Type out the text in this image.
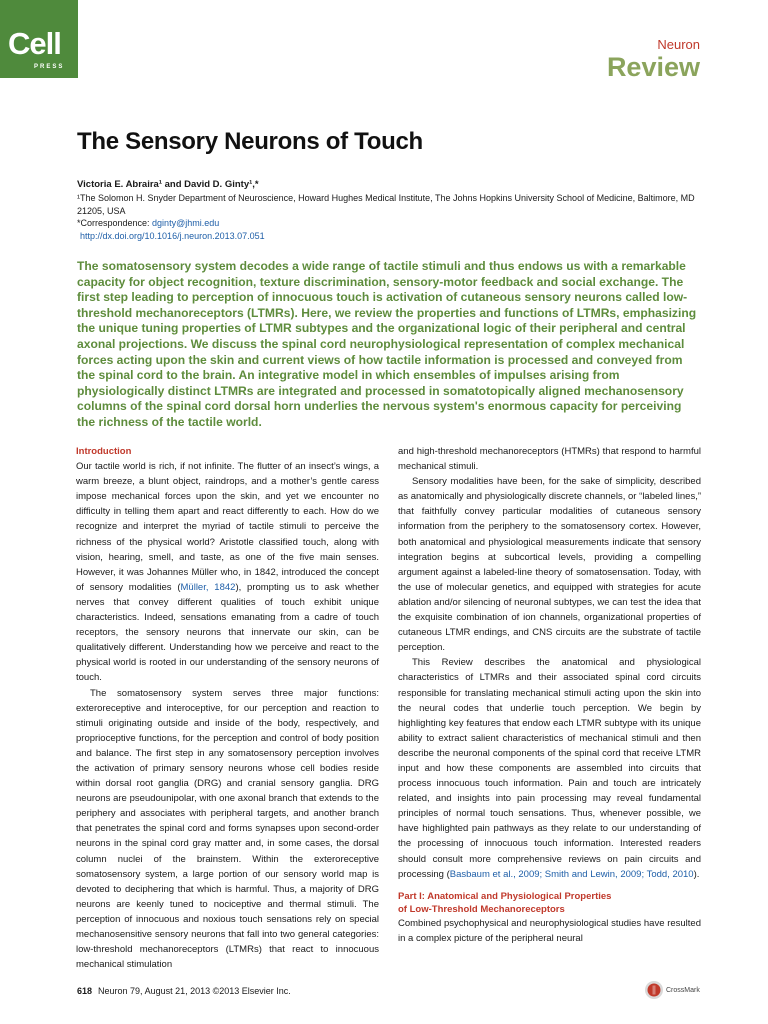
Cell
PRESS
Neuron
Review
The Sensory Neurons of Touch
Victoria E. Abraira¹ and David D. Ginty¹,*
¹The Solomon H. Snyder Department of Neuroscience, Howard Hughes Medical Institute, The Johns Hopkins University School of Medicine, Baltimore, MD 21205, USA
*Correspondence: dginty@jhmi.edu
http://dx.doi.org/10.1016/j.neuron.2013.07.051

The somatosensory system decodes a wide range of tactile stimuli and thus endows us with a remarkable capacity for object recognition, texture discrimination, sensory-motor feedback and social exchange. The first step leading to perception of innocuous touch is activation of cutaneous sensory neurons called low-threshold mechanoreceptors (LTMRs). Here, we review the properties and functions of LTMRs, emphasizing the unique tuning properties of LTMR subtypes and the organizational logic of their peripheral and central axonal projections. We discuss the spinal cord neurophysiological representation of complex mechanical forces acting upon the skin and current views of how tactile information is processed and conveyed from the spinal cord to the brain. An integrative model in which ensembles of impulses arising from physiologically distinct LTMRs are integrated and processed in somatotopically aligned mechanosensory columns of the spinal cord dorsal horn underlies the nervous system's enormous capacity for perceiving the richness of the tactile world.

Introduction

Our tactile world is rich, if not infinite. The flutter of an insect’s wings, a warm breeze, a blunt object, raindrops, and a mother’s gentle caress impose mechanical forces upon the skin, and yet we encounter no difficulty in telling them apart and react differently to each. How do we recognize and interpret the myriad of tactile stimuli to perceive the richness of the physical world? Aristotle classified touch, along with vision, hearing, smell, and taste, as one of the five main senses. However, it was Johannes Müller who, in 1842, introduced the concept of sensory modalities (Müller, 1842), prompting us to ask whether nerves that convey different qualities of touch exhibit unique characteristics. Indeed, sensations emanating from a cadre of touch receptors, the sensory neurons that innervate our skin, can be qualitatively different. Understanding how we perceive and react to the physical world is rooted in our understanding of the sensory neurons of touch.

The somatosensory system serves three major functions: exteroreceptive and interoceptive, for our perception and reaction to stimuli originating outside and inside of the body, respectively, and proprioceptive functions, for the perception and control of body position and balance. The first step in any somatosensory perception involves the activation of primary sensory neurons whose cell bodies reside within dorsal root ganglia (DRG) and cranial sensory ganglia. DRG neurons are pseudounipolar, with one axonal branch that extends to the periphery and associates with peripheral targets, and another branch that penetrates the spinal cord and forms synapses upon second-order neurons in the spinal cord gray matter and, in some cases, the dorsal column nuclei of the brainstem. Within the exteroreceptive somatosensory system, a large portion of our sensory world map is devoted to deciphering that which is harmful. Thus, a majority of DRG neurons are keenly tuned to nociceptive and thermal stimuli. The perception of innocuous and noxious touch sensations rely on special mechanosensitive sensory neurons that fall into two general categories: low-threshold mechanoreceptors (LTMRs) that react to innocuous mechanical stimulation

and high-threshold mechanoreceptors (HTMRs) that respond to harmful mechanical stimuli.

Sensory modalities have been, for the sake of simplicity, described as anatomically and physiologically discrete channels, or “labeled lines,” that faithfully convey particular modalities of cutaneous sensory information from the periphery to the somatosensory cortex. However, both anatomical and physiological measurements indicate that sensory integration begins at subcortical levels, providing a compelling argument against a labeled-line theory of somatosensation. Today, with the use of molecular genetics, and equipped with strategies for acute ablation and/or silencing of neuronal subtypes, we can test the idea that the exquisite combination of ion channels, organizational properties of cutaneous LTMR endings, and CNS circuits are the substrate of tactile perception.

This Review describes the anatomical and physiological characteristics of LTMRs and their associated spinal cord circuits responsible for translating mechanical stimuli acting upon the skin into the neural codes that underlie touch perception. We begin by highlighting key features that endow each LTMR subtype with its unique ability to extract salient characteristics of mechanical stimuli and then describe the neuronal components of the spinal cord that receive LTMR input and how these components are assembled into circuits that process innocuous touch information. Pain and touch are intricately related, and insights into pain processing may reveal fundamental principles of normal touch sensations. Thus, whenever possible, we have highlighted pain pathways as they relate to our understanding of the processing of innocuous touch information. Interested readers should consult more comprehensive reviews on pain circuits and processing (Basbaum et al., 2009; Smith and Lewin, 2009; Todd, 2010).

Part I: Anatomical and Physiological Properties
of Low-Threshold Mechanoreceptors

Combined psychophysical and neurophysiological studies have resulted in a complex picture of the peripheral neural

618 Neuron 79, August 21, 2013 ©2013 Elsevier Inc.	CrossMark
